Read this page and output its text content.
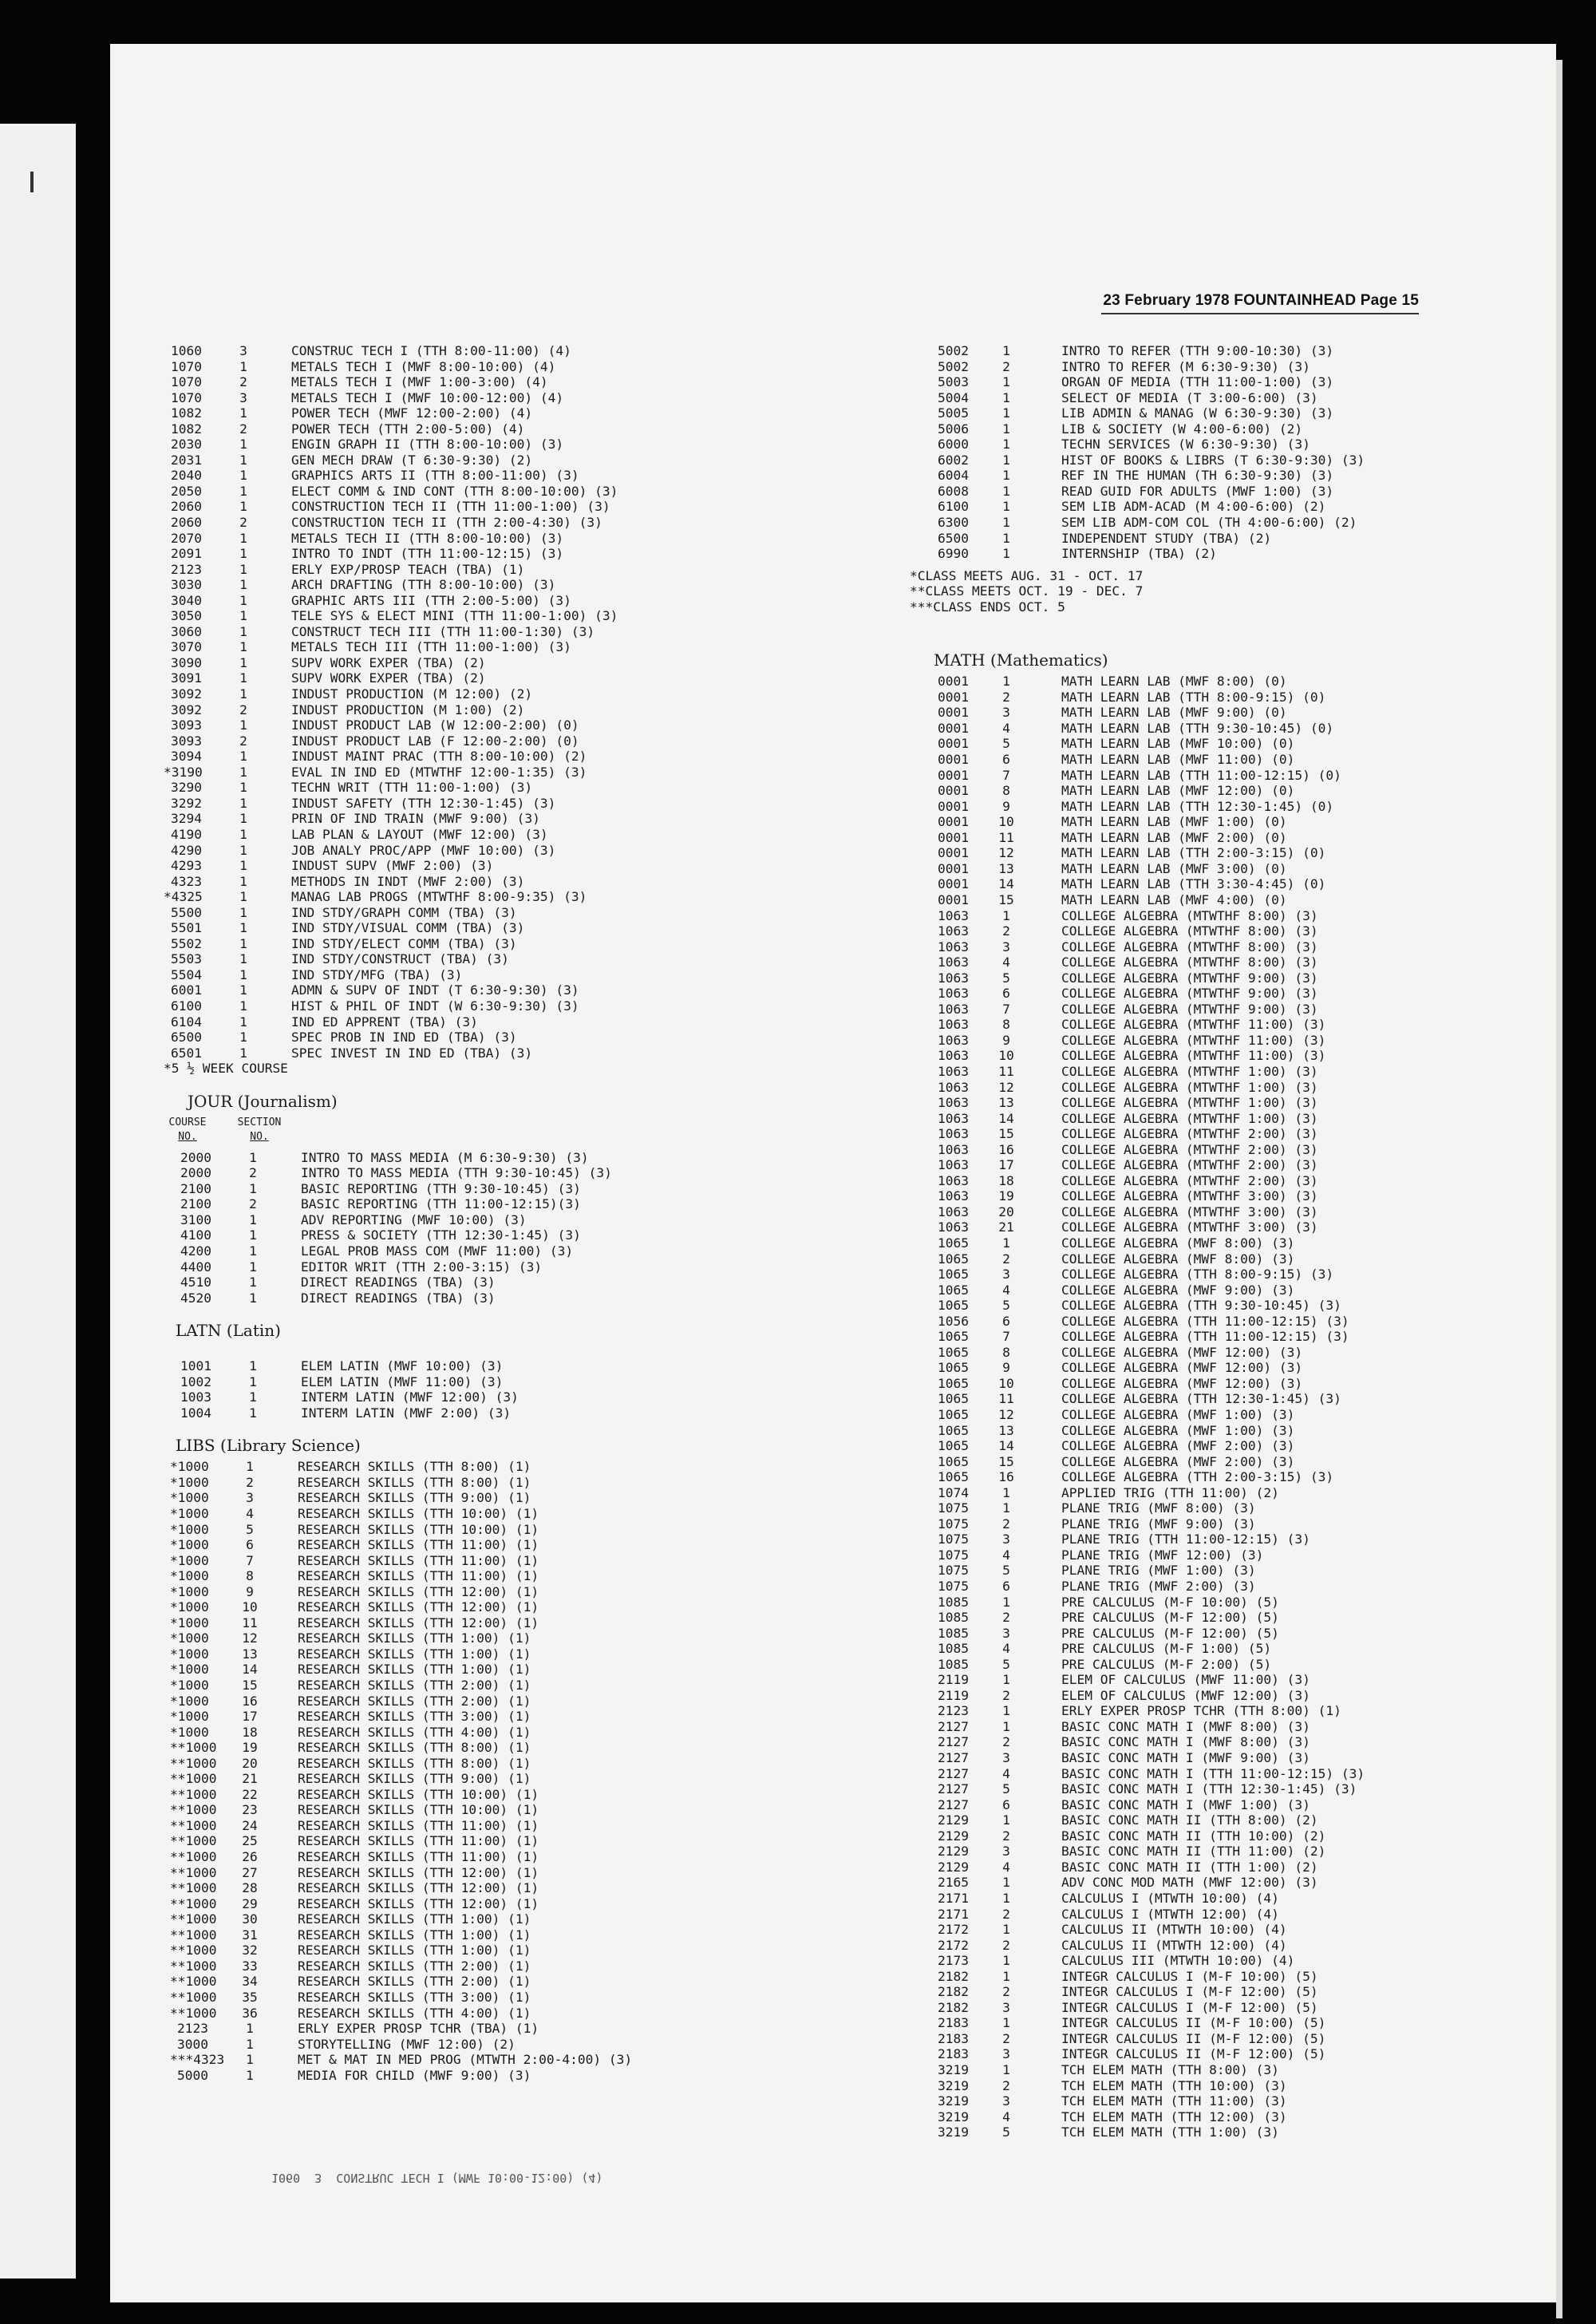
23 February 1978 FOUNTAINHEAD Page 15
1060	3	CONSTRUC TECH I (TTH 8:00-11:00) (4)
1070	1	METALS TECH I (MWF 8:00-10:00) (4)
1070	2	METALS TECH I (MWF 1:00-3:00) (4)
1070	3	METALS TECH I (MWF 10:00-12:00) (4)
1082	1	POWER TECH (MWF 12:00-2:00) (4)
1082	2	POWER TECH (TTH 2:00-5:00) (4)
2030	1	ENGIN GRAPH II (TTH 8:00-10:00) (3)
2031	1	GEN MECH DRAW (T 6:30-9:30) (2)
2040	1	GRAPHICS ARTS II (TTH 8:00-11:00) (3)
2050	1	ELECT COMM & IND CONT (TTH 8:00-10:00) (3)
2060	1	CONSTRUCTION TECH II (TTH 11:00-1:00) (3)
2060	2	CONSTRUCTION TECH II (TTH 2:00-4:30) (3)
2070	1	METALS TECH II (TTH 8:00-10:00) (3)
2091	1	INTRO TO INDT (TTH 11:00-12:15) (3)
2123	1	ERLY EXP/PROSP TEACH (TBA) (1)
3030	1	ARCH DRAFTING (TTH 8:00-10:00) (3)
3040	1	GRAPHIC ARTS III (TTH 2:00-5:00) (3)
3050	1	TELE SYS & ELECT MINI (TTH 11:00-1:00) (3)
3060	1	CONSTRUCT TECH III (TTH 11:00-1:30) (3)
3070	1	METALS TECH III (TTH 11:00-1:00) (3)
3090	1	SUPV WORK EXPER (TBA) (2)
3091	1	SUPV WORK EXPER (TBA) (2)
3092	1	INDUST PRODUCTION (M 12:00) (2)
3092	2	INDUST PRODUCTION (M 1:00) (2)
3093	1	INDUST PRODUCT LAB (W 12:00-2:00) (0)
3093	2	INDUST PRODUCT LAB (F 12:00-2:00) (0)
3094	1	INDUST MAINT PRAC (TTH 8:00-10:00) (2)
*3190	1	EVAL IN IND ED (MTWTHF 12:00-1:35) (3)
3290	1	TECHN WRIT (TTH 11:00-1:00) (3)
3292	1	INDUST SAFETY (TTH 12:30-1:45) (3)
3294	1	PRIN OF IND TRAIN (MWF 9:00) (3)
4190	1	LAB PLAN & LAYOUT (MWF 12:00) (3)
4290	1	JOB ANALY PROC/APP (MWF 10:00) (3)
4293	1	INDUST SUPV (MWF 2:00) (3)
4323	1	METHODS IN INDT (MWF 2:00) (3)
*4325	1	MANAG LAB PROGS (MTWTHF 8:00-9:35) (3)
5500	1	IND STDY/GRAPH COMM (TBA) (3)
5501	1	IND STDY/VISUAL COMM (TBA) (3)
5502	1	IND STDY/ELECT COMM (TBA) (3)
5503	1	IND STDY/CONSTRUCT (TBA) (3)
5504	1	IND STDY/MFG (TBA) (3)
6001	1	ADMN & SUPV OF INDT (T 6:30-9:30) (3)
6100	1	HIST & PHIL OF INDT (W 6:30-9:30) (3)
6104	1	IND ED APPRENT (TBA) (3)
6500	1	SPEC PROB IN IND ED (TBA) (3)
6501	1	SPEC INVEST IN IND ED (TBA) (3)
*5 ½ WEEK COURSE
JOUR (Journalism)
COURSE
NO.
SECTION
NO.
2000	1	INTRO TO MASS MEDIA (M 6:30-9:30) (3)
2000	2	INTRO TO MASS MEDIA (TTH 9:30-10:45) (3)
2100	1	BASIC REPORTING (TTH 9:30-10:45) (3)
2100	2	BASIC REPORTING (TTH 11:00-12:15)(3)
3100	1	ADV REPORTING (MWF 10:00) (3)
4100	1	PRESS & SOCIETY (TTH 12:30-1:45) (3)
4200	1	LEGAL PROB MASS COM (MWF 11:00) (3)
4400	1	EDITOR WRIT (TTH 2:00-3:15) (3)
4510	1	DIRECT READINGS (TBA) (3)
4520	1	DIRECT READINGS (TBA) (3)
LATN (Latin)
1001	1	ELEM LATIN (MWF 10:00) (3)
1002	1	ELEM LATIN (MWF 11:00) (3)
1003	1	INTERM LATIN (MWF 12:00) (3)
1004	1	INTERM LATIN (MWF 2:00) (3)
LIBS (Library Science)
*1000	1	RESEARCH SKILLS (TTH 8:00) (1)
*1000	2	RESEARCH SKILLS (TTH 8:00) (1)
*1000	3	RESEARCH SKILLS (TTH 9:00) (1)
*1000	4	RESEARCH SKILLS (TTH 10:00) (1)
*1000	5	RESEARCH SKILLS (TTH 10:00) (1)
*1000	6	RESEARCH SKILLS (TTH 11:00) (1)
*1000	7	RESEARCH SKILLS (TTH 11:00) (1)
*1000	8	RESEARCH SKILLS (TTH 11:00) (1)
*1000	9	RESEARCH SKILLS (TTH 12:00) (1)
*1000	10	RESEARCH SKILLS (TTH 12:00) (1)
*1000	11	RESEARCH SKILLS (TTH 12:00) (1)
*1000	12	RESEARCH SKILLS (TTH 1:00) (1)
*1000	13	RESEARCH SKILLS (TTH 1:00) (1)
*1000	14	RESEARCH SKILLS (TTH 1:00) (1)
*1000	15	RESEARCH SKILLS (TTH 2:00) (1)
*1000	16	RESEARCH SKILLS (TTH 2:00) (1)
*1000	17	RESEARCH SKILLS (TTH 3:00) (1)
*1000	18	RESEARCH SKILLS (TTH 4:00) (1)
**1000 19	RESEARCH SKILLS (TTH 8:00) (1)
**1000 20	RESEARCH SKILLS (TTH 8:00) (1)
**1000 21	RESEARCH SKILLS (TTH 9:00) (1)
**1000 22	RESEARCH SKILLS (TTH 10:00) (1)
**1000 23	RESEARCH SKILLS (TTH 10:00) (1)
**1000 24	RESEARCH SKILLS (TTH 11:00) (1)
**1000 25	RESEARCH SKILLS (TTH 11:00) (1)
**1000 26	RESEARCH SKILLS (TTH 11:00) (1)
**1000 27	RESEARCH SKILLS (TTH 12:00) (1)
**1000 28	RESEARCH SKILLS (TTH 12:00) (1)
**1000 29	RESEARCH SKILLS (TTH 12:00) (1)
**1000 30	RESEARCH SKILLS (TTH 1:00) (1)
**1000 31	RESEARCH SKILLS (TTH 1:00) (1)
**1000 32	RESEARCH SKILLS (TTH 1:00) (1)
**1000 33	RESEARCH SKILLS (TTH 2:00) (1)
**1000 34	RESEARCH SKILLS (TTH 2:00) (1)
**1000 35	RESEARCH SKILLS (TTH 3:00) (1)
**1000 36	RESEARCH SKILLS (TTH 4:00) (1)
2123	1	ERLY EXPER PROSP TCHR (TBA) (1)
3000	1	STORYTELLING (MWF 12:00) (2)
***4323	1	MET & MAT IN MED PROG (MTWTH 2:00-4:00) (3)
5000	1	MEDIA FOR CHILD (MWF 9:00) (3)
5002	1	INTRO TO REFER (TTH 9:00-10:30) (3)
5002	2	INTRO TO REFER (M 6:30-9:30) (3)
5003	1	ORGAN OF MEDIA (TTH 11:00-1:00) (3)
5004	1	SELECT OF MEDIA (T 3:00-6:00) (3)
5005	1	LIB ADMIN & MANAG (W 6:30-9:30) (3)
5006	1	LIB & SOCIETY (W 4:00-6:00) (2)
6000	1	TECHN SERVICES (W 6:30-9:30) (3)
6002	1	HIST OF BOOKS & LIBRS (T 6:30-9:30) (3)
6004	1	REF IN THE HUMAN (TH 6:30-9:30) (3)
6008	1	READ GUID FOR ADULTS (MWF 1:00) (3)
6100	1	SEM LIB ADM-ACAD (M 4:00-6:00) (2)
6300	1	SEM LIB ADM-COM COL (TH 4:00-6:00) (2)
6500	1	INDEPENDENT STUDY (TBA) (2)
6990	1	INTERNSHIP (TBA) (2)
*CLASS MEETS AUG. 31 - OCT. 17
**CLASS MEETS OCT. 19 - DEC. 7
***CLASS ENDS OCT. 5
MATH (Mathematics)
0001	1	MATH LEARN LAB (MWF 8:00) (0)
0001	2	MATH LEARN LAB (TTH 8:00-9:15) (0)
0001	3	MATH LEARN LAB (MWF 9:00) (0)
0001	4	MATH LEARN LAB (TTH 9:30-10:45) (0)
0001	5	MATH LEARN LAB (MWF 10:00) (0)
0001	6	MATH LEARN LAB (MWF 11:00) (0)
0001	7	MATH LEARN LAB (TTH 11:00-12:15) (0)
0001	8	MATH LEARN LAB (MWF 12:00) (0)
0001	9	MATH LEARN LAB (TTH 12:30-1:45) (0)
0001 10	MATH LEARN LAB (MWF 1:00) (0)
0001 11	MATH LEARN LAB (MWF 2:00) (0)
0001 12	MATH LEARN LAB (TTH 2:00-3:15) (0)
0001 13	MATH LEARN LAB (MWF 3:00) (0)
0001 14	MATH LEARN LAB (TTH 3:30-4:45) (0)
0001 15	MATH LEARN LAB (MWF 4:00) (0)
1063	1	COLLEGE ALGEBRA (MTWTHF 8:00) (3)
1063	2	COLLEGE ALGEBRA (MTWTHF 8:00) (3)
1063	3	COLLEGE ALGEBRA (MTWTHF 8:00) (3)
1063	4	COLLEGE ALGEBRA (MTWTHF 8:00) (3)
1063	5	COLLEGE ALGEBRA (MTWTHF 9:00) (3)
1063	6	COLLEGE ALGEBRA (MTWTHF 9:00) (3)
1063	7	COLLEGE ALGEBRA (MTWTHF 9:00) (3)
1063	8	COLLEGE ALGEBRA (MTWTHF 11:00) (3)
1063	9	COLLEGE ALGEBRA (MTWTHF 11:00) (3)
1063 10	COLLEGE ALGEBRA (MTWTHF 11:00) (3)
1063 11	COLLEGE ALGEBRA (MTWTHF 1:00) (3)
1063 12	COLLEGE ALGEBRA (MTWTHF 1:00) (3)
1063 13	COLLEGE ALGEBRA (MTWTHF 1:00) (3)
1063 14	COLLEGE ALGEBRA (MTWTHF 1:00) (3)
1063 15	COLLEGE ALGEBRA (MTWTHF 2:00) (3)
1063 16	COLLEGE ALGEBRA (MTWTHF 2:00) (3)
1063 17	COLLEGE ALGEBRA (MTWTHF 2:00) (3)
1063 18	COLLEGE ALGEBRA (MTWTHF 2:00) (3)
1063 19	COLLEGE ALGEBRA (MTWTHF 3:00) (3)
1063 20	COLLEGE ALGEBRA (MTWTHF 3:00) (3)
1063 21	COLLEGE ALGEBRA (MTWTHF 3:00) (3)
1065	1	COLLEGE ALGEBRA (MWF 8:00) (3)
1065	2	COLLEGE ALGEBRA (MWF 8:00) (3)
1065	3	COLLEGE ALGEBRA (TTH 8:00-9:15) (3)
1065	4	COLLEGE ALGEBRA (MWF 9:00) (3)
1065	5	COLLEGE ALGEBRA (TTH 9:30-10:45) (3)
1056	6	COLLEGE ALGEBRA (TTH 11:00-12:15) (3)
1065	7	COLLEGE ALGEBRA (TTH 11:00-12:15) (3)
1065	8	COLLEGE ALGEBRA (MWF 12:00) (3)
1065	9	COLLEGE ALGEBRA (MWF 12:00) (3)
1065 10	COLLEGE ALGEBRA (MWF 12:00) (3)
1065 11	COLLEGE ALGEBRA (TTH 12:30-1:45) (3)
1065 12	COLLEGE ALGEBRA (MWF 1:00) (3)
1065 13	COLLEGE ALGEBRA (MWF 1:00) (3)
1065 14	COLLEGE ALGEBRA (MWF 2:00) (3)
1065 15	COLLEGE ALGEBRA (MWF 2:00) (3)
1065 16	COLLEGE ALGEBRA (TTH 2:00-3:15) (3)
1074	1	APPLIED TRIG (TTH 11:00) (2)
1075	1	PLANE TRIG (MWF 8:00) (3)
1075	2	PLANE TRIG (MWF 9:00) (3)
1075	3	PLANE TRIG (TTH 11:00-12:15) (3)
1075	4	PLANE TRIG (MWF 12:00) (3)
1075	5	PLANE TRIG (MWF 1:00) (3)
1075	6	PLANE TRIG (MWF 2:00) (3)
1085	1	PRE CALCULUS (M-F 10:00) (5)
1085	2	PRE CALCULUS (M-F 12:00) (5)
1085	3	PRE CALCULUS (M-F 12:00) (5)
1085	4	PRE CALCULUS (M-F 1:00) (5)
1085	5	PRE CALCULUS (M-F 2:00) (5)
2119	1	ELEM OF CALCULUS (MWF 11:00) (3)
2119	2	ELEM OF CALCULUS (MWF 12:00) (3)
2123	1	ERLY EXPER PROSP TCHR (TTH 8:00) (1)
2127	1	BASIC CONC MATH I (MWF 8:00) (3)
2127	2	BASIC CONC MATH I (MWF 8:00) (3)
2127	3	BASIC CONC MATH I (MWF 9:00) (3)
2127	4	BASIC CONC MATH I (TTH 11:00-12:15) (3)
2127	5	BASIC CONC MATH I (TTH 12:30-1:45) (3)
2127	6	BASIC CONC MATH I (MWF 1:00) (3)
2129	1	BASIC CONC MATH II (TTH 8:00) (2)
2129	2	BASIC CONC MATH II (TTH 10:00) (2)
2129	3	BASIC CONC MATH II (TTH 11:00) (2)
2129	4	BASIC CONC MATH II (TTH 1:00) (2)
2165	1	ADV CONC MOD MATH (MWF 12:00) (3)
2171	1	CALCULUS I (MTWTH 10:00) (4)
2171	2	CALCULUS I (MTWTH 12:00) (4)
2172	1	CALCULUS II (MTWTH 10:00) (4)
2172	2	CALCULUS II (MTWTH 12:00) (4)
2173	1	CALCULUS III (MTWTH 10:00) (4)
2182	1	INTEGR CALCULUS I (M-F 10:00) (5)
2182	2	INTEGR CALCULUS I (M-F 12:00) (5)
2182	3	INTEGR CALCULUS I (M-F 12:00) (5)
2183	1	INTEGR CALCULUS II (M-F 10:00) (5)
2183	2	INTEGR CALCULUS II (M-F 12:00) (5)
2183	3	INTEGR CALCULUS II (M-F 12:00) (5)
3219	1	TCH ELEM MATH (TTH 8:00) (3)
3219	2	TCH ELEM MATH (TTH 10:00) (3)
3219	3	TCH ELEM MATH (TTH 11:00) (3)
3219	4	TCH ELEM MATH (TTH 12:00) (3)
3219	5	TCH ELEM MATH (TTH 1:00) (3)
1060  3  CONSTRUC TECH I (MWF 10:00-12:00) (4)
